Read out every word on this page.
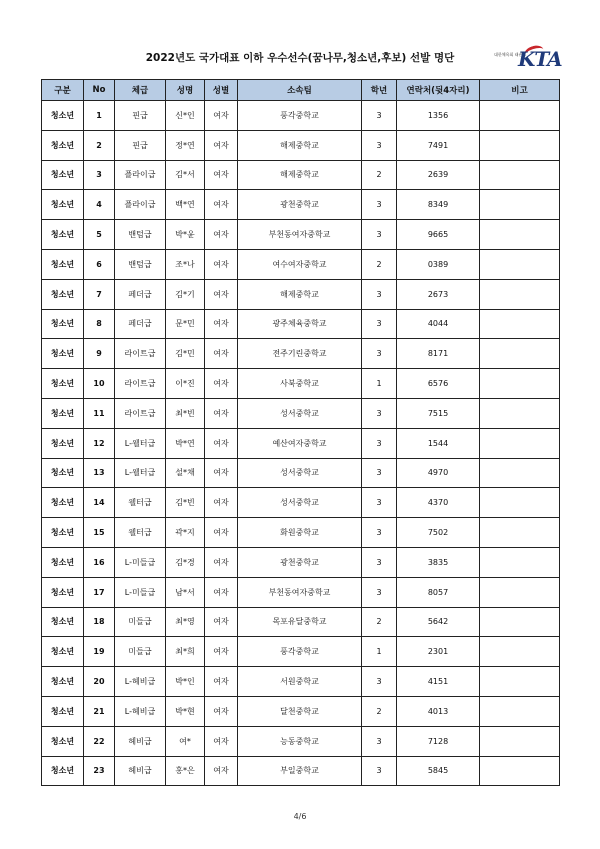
2022년도 국가대표 이하 우수선수(꿈나무,청소년,후보) 선발 명단	대한체육회 태권도
KTA
구분	No	체급	성명	성별	소속팀	학년	연락처(뒷4자리)	비고
청소년	1	핀급	신*인	여자	풍각중학교	3	1356	
청소년	2	핀급	정*연	여자	해제중학교	3	7491	
청소년	3	플라이급	김*서	여자	해제중학교	2	2639	
청소년	4	플라이급	백*연	여자	광천중학교	3	8349	
청소년	5	밴텀급	박*윤	여자	부천동여자중학교	3	9665	
청소년	6	밴텀급	조*나	여자	여수여자중학교	2	0389	
청소년	7	페더급	김*기	여자	해제중학교	3	2673	
청소년	8	페더급	문*민	여자	광주체육중학교	3	4044	
청소년	9	라이트급	김*민	여자	전주기린중학교	3	8171	
청소년	10	라이트급	이*진	여자	사북중학교	1	6576	
청소년	11	라이트급	최*빈	여자	성서중학교	3	7515	
청소년	12	L-웰터급	박*연	여자	예산여자중학교	3	1544	
청소년	13	L-웰터급	설*채	여자	성서중학교	3	4970	
청소년	14	웰터급	김*빈	여자	성서중학교	3	4370	
청소년	15	웰터급	곽*지	여자	화원중학교	3	7502	
청소년	16	L-미들급	김*경	여자	광천중학교	3	3835	
청소년	17	L-미들급	남*서	여자	부천동여자중학교	3	8057	
청소년	18	미들급	최*영	여자	목포유달중학교	2	5642	
청소년	19	미들급	최*희	여자	풍각중학교	1	2301	
청소년	20	L-헤비급	박*인	여자	서원중학교	3	4151	
청소년	21	L-헤비급	박*현	여자	달천중학교	2	4013	
청소년	22	헤비급	여*	여자	능동중학교	3	7128	
청소년	23	헤비급	홍*은	여자	부일중학교	3	5845	
4/6
